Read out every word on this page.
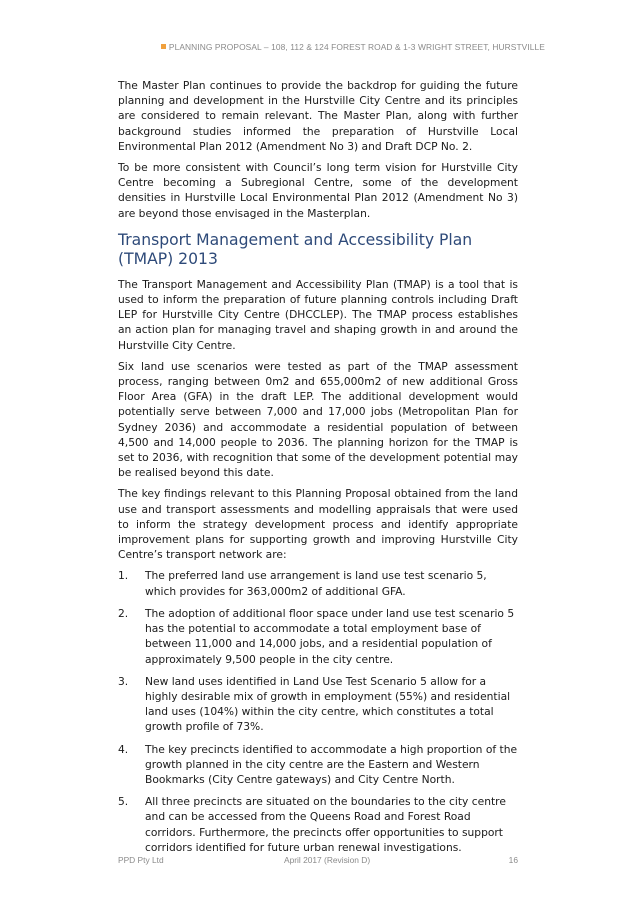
PLANNING PROPOSAL – 108, 112 & 124 FOREST ROAD & 1-3 WRIGHT STREET, HURSTVILLE

The Master Plan continues to provide the backdrop for guiding the future planning and development in the Hurstville City Centre and its principles are considered to remain relevant. The Master Plan, along with further background studies informed the preparation of Hurstville Local Environmental Plan 2012 (Amendment No 3) and Draft DCP No. 2.

To be more consistent with Council’s long term vision for Hurstville City Centre becoming a Subregional Centre, some of the development densities in Hurstville Local Environmental Plan 2012 (Amendment No 3) are beyond those envisaged in the Masterplan.

Transport Management and Accessibility Plan (TMAP) 2013

The Transport Management and Accessibility Plan (TMAP) is a tool that is used to inform the preparation of future planning controls including Draft LEP for Hurstville City Centre (DHCCLEP). The TMAP process establishes an action plan for managing travel and shaping growth in and around the Hurstville City Centre.

Six land use scenarios were tested as part of the TMAP assessment process, ranging between 0m2 and 655,000m2 of new additional Gross Floor Area (GFA) in the draft LEP. The additional development would potentially serve between 7,000 and 17,000 jobs (Metropolitan Plan for Sydney 2036) and accommodate a residential population of between 4,500 and 14,000 people to 2036. The planning horizon for the TMAP is set to 2036, with recognition that some of the development potential may be realised beyond this date.

The key findings relevant to this Planning Proposal obtained from the land use and transport assessments and modelling appraisals that were used to inform the strategy development process and identify appropriate improvement plans for supporting growth and improving Hurstville City Centre’s transport network are:

1. The preferred land use arrangement is land use test scenario 5, which provides for 363,000m2 of additional GFA.
2. The adoption of additional floor space under land use test scenario 5 has the potential to accommodate a total employment base of between 11,000 and 14,000 jobs, and a residential population of approximately 9,500 people in the city centre.
3. New land uses identified in Land Use Test Scenario 5 allow for a highly desirable mix of growth in employment (55%) and residential land uses (104%) within the city centre, which constitutes a total growth profile of 73%.
4. The key precincts identified to accommodate a high proportion of the growth planned in the city centre are the Eastern and Western Bookmarks (City Centre gateways) and City Centre North.
5. All three precincts are situated on the boundaries to the city centre and can be accessed from the Queens Road and Forest Road corridors. Furthermore, the precincts offer opportunities to support corridors identified for future urban renewal investigations.
PPD Pty Ltd	April 2017 (Revision D)	16
